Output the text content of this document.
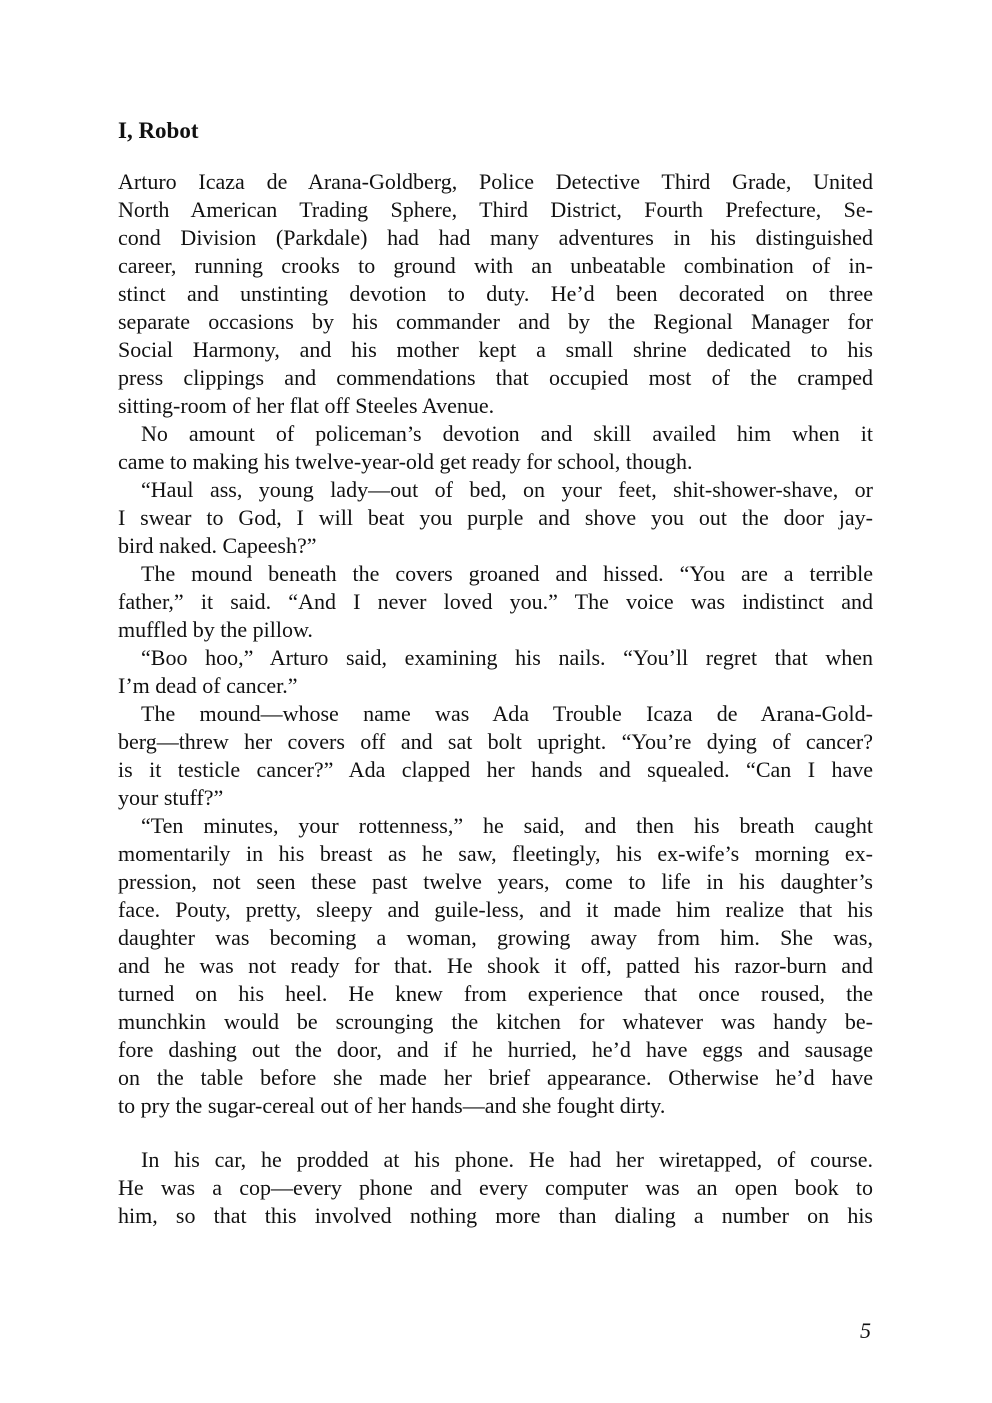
I, Robot
Arturo Icaza de Arana-Goldberg, Police Detective Third Grade, United
North American Trading Sphere, Third District, Fourth Prefecture, Se-
cond Division (Parkdale) had had many adventures in his distinguished
career, running crooks to ground with an unbeatable combination of in-
stinct and unstinting devotion to duty. He’d been decorated on three
separate occasions by his commander and by the Regional Manager for
Social Harmony, and his mother kept a small shrine dedicated to his
press clippings and commendations that occupied most of the cramped
sitting-room of her flat off Steeles Avenue.
No amount of policeman’s devotion and skill availed him when it
came to making his twelve-year-old get ready for school, though.
“Haul ass, young lady—out of bed, on your feet, shit-shower-shave, or
I swear to God, I will beat you purple and shove you out the door jay-
bird naked. Capeesh?”
The mound beneath the covers groaned and hissed. “You are a terrible
father,” it said. “And I never loved you.” The voice was indistinct and
muffled by the pillow.
“Boo hoo,” Arturo said, examining his nails. “You’ll regret that when
I’m dead of cancer.”
The mound—whose name was Ada Trouble Icaza de Arana-Gold-
berg—threw her covers off and sat bolt upright. “You’re dying of cancer?
is it testicle cancer?” Ada clapped her hands and squealed. “Can I have
your stuff?”
“Ten minutes, your rottenness,” he said, and then his breath caught
momentarily in his breast as he saw, fleetingly, his ex-wife’s morning ex-
pression, not seen these past twelve years, come to life in his daughter’s
face. Pouty, pretty, sleepy and guile-less, and it made him realize that his
daughter was becoming a woman, growing away from him. She was,
and he was not ready for that. He shook it off, patted his razor-burn and
turned on his heel. He knew from experience that once roused, the
munchkin would be scrounging the kitchen for whatever was handy be-
fore dashing out the door, and if he hurried, he’d have eggs and sausage
on the table before she made her brief appearance. Otherwise he’d have
to pry the sugar-cereal out of her hands—and she fought dirty.
In his car, he prodded at his phone. He had her wiretapped, of course.
He was a cop—every phone and every computer was an open book to
him, so that this involved nothing more than dialing a number on his
5
